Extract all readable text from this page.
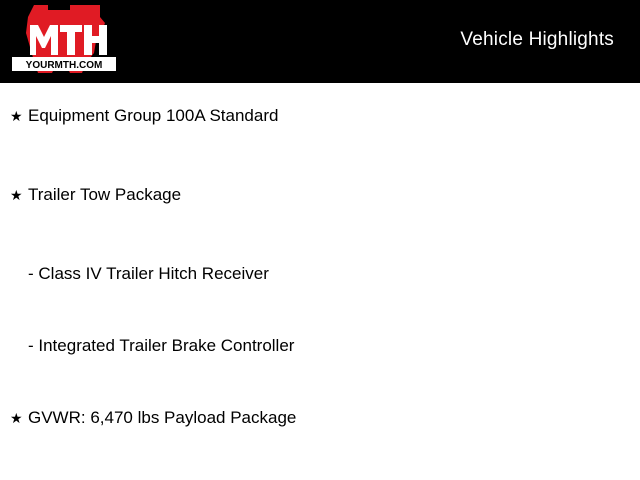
YOURMTH.COM
Vehicle Highlights
★ Equipment Group 100A Standard
★ Trailer Tow Package
- Class IV Trailer Hitch Receiver
- Integrated Trailer Brake Controller
★ GVWR: 6,470 lbs Payload Package
